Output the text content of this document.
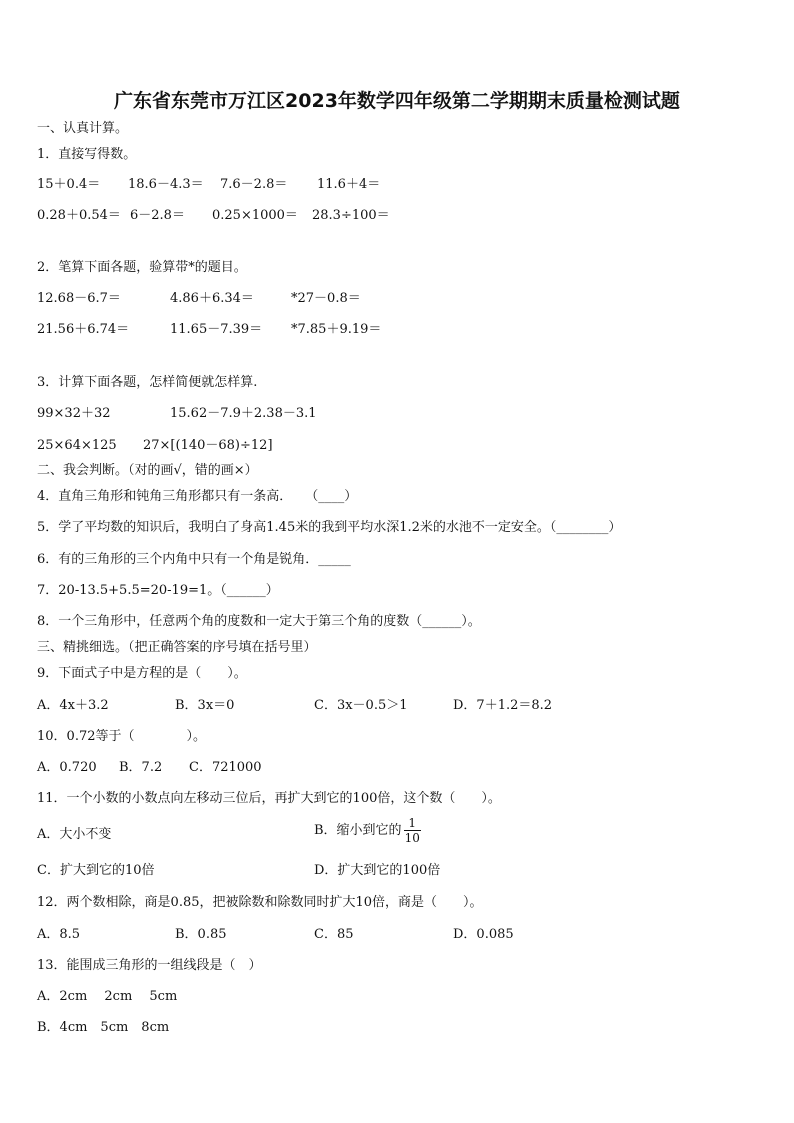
广东省东莞市万江区2023年数学四年级第二学期期末质量检测试题
一、认真计算。
1．直接写得数。
15＋0.4＝ 18.6－4.3＝ 7.6－2.8＝ 11.6＋4＝
0.28＋0.54＝ 6－2.8＝ 0.25×1000＝ 28.3÷100＝
2．笔算下面各题，验算带*的题目。
12.68－6.7＝	4.86＋6.34＝	*27－0.8＝
21.56＋6.74＝	11.65－7.39＝ *7.85＋9.19＝
3．计算下面各题，怎样简便就怎样算.
99×32＋32	15.62－7.9＋2.38－3.1
25×64×125 27×[(140－68)÷12]
二、我会判断。（对的画√，错的画×）
4．直角三角形和钝角三角形都只有一条高．　　（____）
5．学了平均数的知识后，我明白了身高1.45米的我到平均水深1.2米的水池不一定安全。（________）
6．有的三角形的三个内角中只有一个角是锐角．_____
7．20-13.5+5.5=20-19=1。（______）
8．一个三角形中，任意两个角的度数和一定大于第三个角的度数（______）。
三、精挑细选。（把正确答案的序号填在括号里）
9．下面式子中是方程的是（　　）。
A．4x＋3.2	B．3x＝0	C．3x－0.5＞1	D．7＋1.2＝8.2
10．0.72等于（　　　　）。
A．0.720 B．7.2 C．721000
11．一个小数的小数点向左移动三位后，再扩大到它的100倍，这个数（　　）。
A．大小不变	B．缩小到它的 $\frac{1}{10}$
C．扩大到它的10倍	D．扩大到它的100倍
12．两个数相除，商是0.85，把被除数和除数同时扩大10倍，商是（　　）。
A．8.5	B．0.85	C．85	D．0.085
13．能围成三角形的一组线段是（　）
A．2cm　 2cm　 5cm
B．4cm　5cm　8cm
